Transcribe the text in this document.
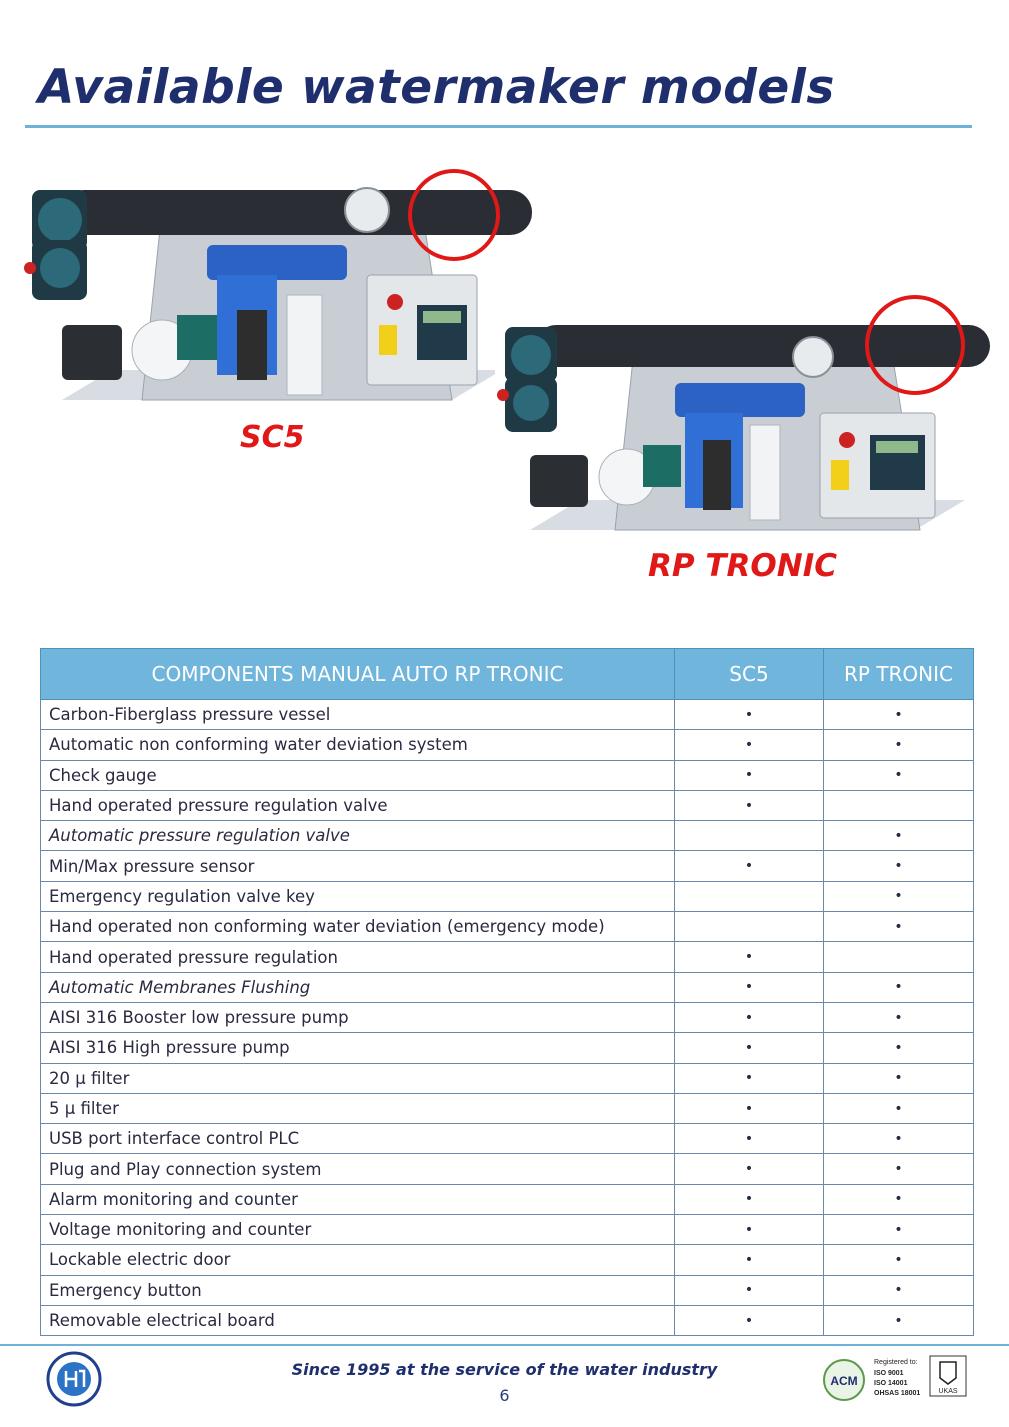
Available watermaker models

SC5

RP TRONIC

COMPONENTS MANUAL AUTO RP TRONIC	SC5	RP TRONIC
Carbon-Fiberglass pressure vessel	•	•
Automatic non conforming water deviation system	•	•
Check gauge	•	•
Hand operated pressure regulation valve	•	
Automatic pressure regulation valve		•
Min/Max pressure sensor	•	•
Emergency regulation valve key		•
Hand operated non conforming water deviation (emergency mode)		•
Hand operated pressure regulation	•	
Automatic Membranes Flushing	•	•
AISI 316 Booster low pressure pump	•	•
AISI 316 High pressure pump	•	•
20 µ filter	•	•
5 µ filter	•	•
USB port interface control PLC	•	•
Plug and Play connection system	•	•
Alarm monitoring and counter	•	•
Voltage monitoring and counter	•	•
Lockable electric door	•	•
Emergency button	•	•
Removable electrical board	•	•
Since 1995 at the service of the water industry
6
ACM
Registered to:
ISO 9001
ISO 14001
OHSAS 18001	UKAS
